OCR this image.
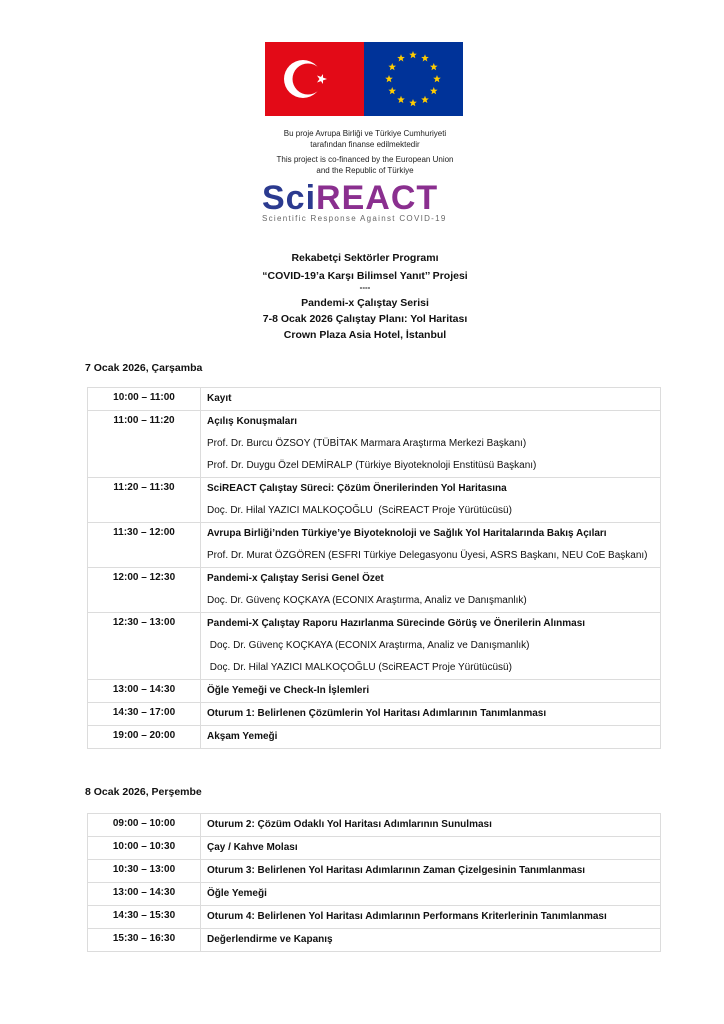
Bu proje Avrupa Birliği ve Türkiye Cumhuriyeti
tarafından finanse edilmektedir
This project is co-financed by the European Union
and the Republic of Türkiye
SciREACT
Scientific Response Against COVID-19
Rekabetçi Sektörler Programı
“COVID-19’a Karşı Bilimsel Yanıt’’ Projesi
----
Pandemi-x Çalıştay Serisi
7-8 Ocak 2026 Çalıştay Planı: Yol Haritası
Crown Plaza Asia Hotel, İstanbul
7 Ocak 2026, Çarşamba
10:00 – 11:00	Kayıt

11:00 – 11:20	Açılış Konuşmaları
Prof. Dr. Burcu ÖZSOY (TÜBİTAK Marmara Araştırma Merkezi Başkanı)
Prof. Dr. Duygu Özel DEMİRALP (Türkiye Biyoteknoloji Enstitüsü Başkanı)

11:20 – 11:30	SciREACT Çalıştay Süreci: Çözüm Önerilerinden Yol Haritasına
Doç. Dr. Hilal YAZICI MALKOÇOĞLU  (SciREACT Proje Yürütücüsü)

11:30 – 12:00	Avrupa Birliği’nden Türkiye’ye Biyoteknoloji ve Sağlık Yol Haritalarında Bakış Açıları
Prof. Dr. Murat ÖZGÖREN (ESFRI Türkiye Delegasyonu Üyesi, ASRS Başkanı, NEU CoE Başkanı)

12:00 – 12:30	Pandemi-x Çalıştay Serisi Genel Özet
Doç. Dr. Güvenç KOÇKAYA (ECONIX Araştırma, Analiz ve Danışmanlık)

12:30 – 13:00	Pandemi-X Çalıştay Raporu Hazırlanma Sürecinde Görüş ve Önerilerin Alınması
Doç. Dr. Güvenç KOÇKAYA (ECONIX Araştırma, Analiz ve Danışmanlık)
Doç. Dr. Hilal YAZICI MALKOÇOĞLU (SciREACT Proje Yürütücüsü)

13:00 – 14:30	Öğle Yemeği ve Check-In İşlemleri

14:30 – 17:00	Oturum 1: Belirlenen Çözümlerin Yol Haritası Adımlarının Tanımlanması

19:00 – 20:00	Akşam Yemeği
8 Ocak 2026, Perşembe
09:00 – 10:00	Oturum 2: Çözüm Odaklı Yol Haritası Adımlarının Sunulması

10:00 – 10:30	Çay / Kahve Molası

10:30 – 13:00	Oturum 3: Belirlenen Yol Haritası Adımlarının Zaman Çizelgesinin Tanımlanması

13:00 – 14:30	Öğle Yemeği

14:30 – 15:30	Oturum 4: Belirlenen Yol Haritası Adımlarının Performans Kriterlerinin Tanımlanması

15:30 – 16:30	Değerlendirme ve Kapanış
